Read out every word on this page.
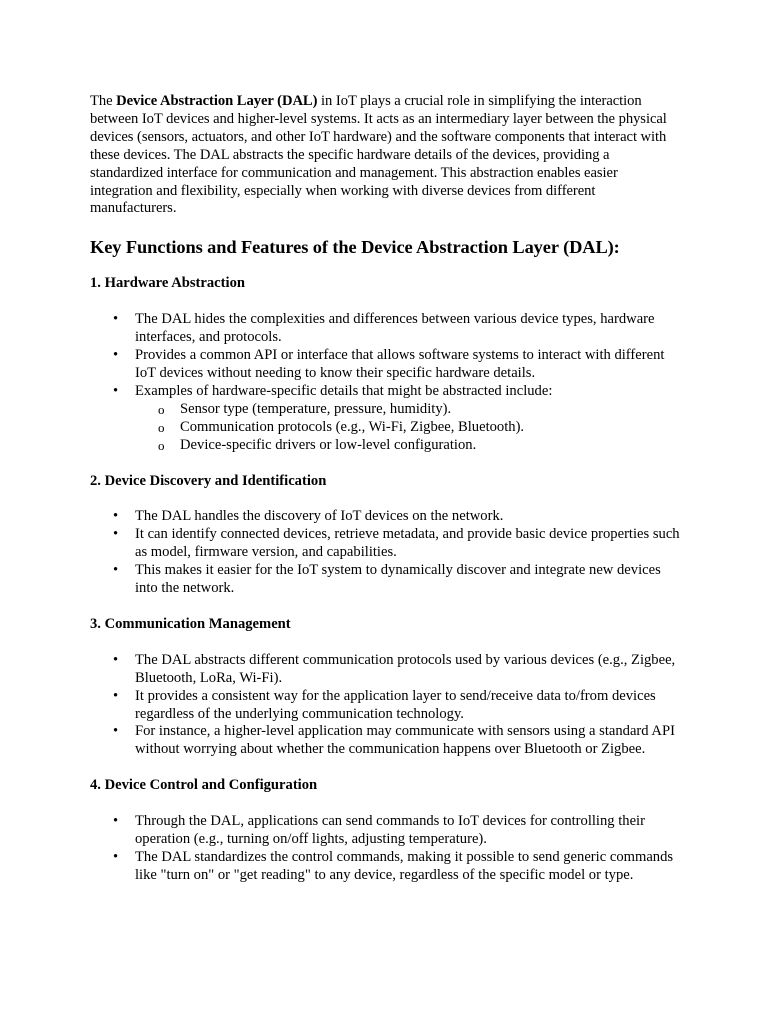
The Device Abstraction Layer (DAL) in IoT plays a crucial role in simplifying the interaction between IoT devices and higher-level systems. It acts as an intermediary layer between the physical devices (sensors, actuators, and other IoT hardware) and the software components that interact with these devices. The DAL abstracts the specific hardware details of the devices, providing a standardized interface for communication and management. This abstraction enables easier integration and flexibility, especially when working with diverse devices from different manufacturers.

Key Functions and Features of the Device Abstraction Layer (DAL):
1. Hardware Abstraction
• The DAL hides the complexities and differences between various device types, hardware interfaces, and protocols.
• Provides a common API or interface that allows software systems to interact with different IoT devices without needing to know their specific hardware details.
• Examples of hardware-specific details that might be abstracted include:
o Sensor type (temperature, pressure, humidity).
o Communication protocols (e.g., Wi-Fi, Zigbee, Bluetooth).
o Device-specific drivers or low-level configuration.
2. Device Discovery and Identification
• The DAL handles the discovery of IoT devices on the network.
• It can identify connected devices, retrieve metadata, and provide basic device properties such as model, firmware version, and capabilities.
• This makes it easier for the IoT system to dynamically discover and integrate new devices into the network.
3. Communication Management
• The DAL abstracts different communication protocols used by various devices (e.g., Zigbee, Bluetooth, LoRa, Wi-Fi).
• It provides a consistent way for the application layer to send/receive data to/from devices regardless of the underlying communication technology.
• For instance, a higher-level application may communicate with sensors using a standard API without worrying about whether the communication happens over Bluetooth or Zigbee.
4. Device Control and Configuration
• Through the DAL, applications can send commands to IoT devices for controlling their operation (e.g., turning on/off lights, adjusting temperature).
• The DAL standardizes the control commands, making it possible to send generic commands like "turn on" or "get reading" to any device, regardless of the specific model or type.
